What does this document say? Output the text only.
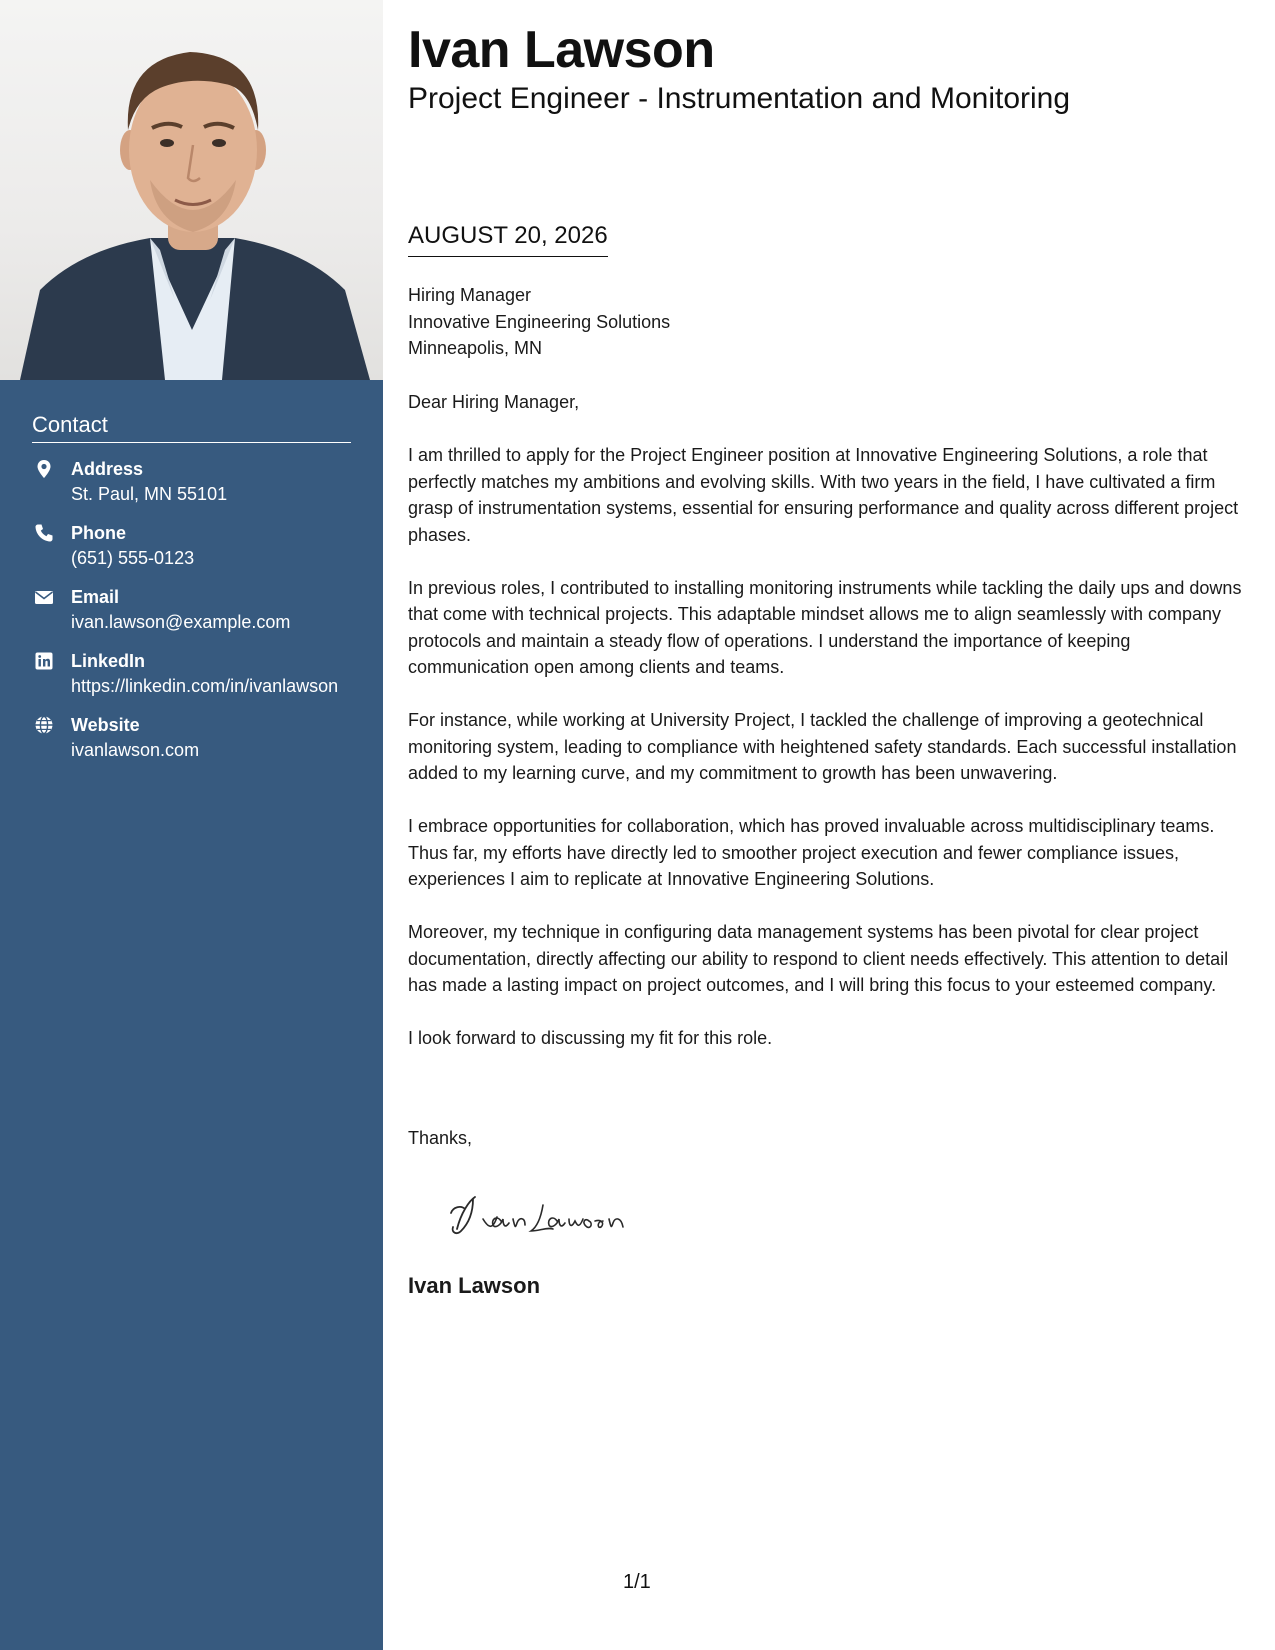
Contact
Address
St. Paul, MN 55101
Phone
(651) 555-0123
Email
ivan.lawson@example.com
LinkedIn
https://linkedin.com/in/ivanlawson
Website
ivanlawson.com
Ivan Lawson
Project Engineer - Instrumentation and Monitoring
AUGUST 20, 2026
Hiring Manager
Innovative Engineering Solutions
Minneapolis, MN

Dear Hiring Manager,

I am thrilled to apply for the Project Engineer position at Innovative Engineering Solutions, a role that perfectly matches my ambitions and evolving skills. With two years in the field, I have cultivated a firm grasp of instrumentation systems, essential for ensuring performance and quality across different project phases.

In previous roles, I contributed to installing monitoring instruments while tackling the daily ups and downs that come with technical projects. This adaptable mindset allows me to align seamlessly with company protocols and maintain a steady flow of operations. I understand the importance of keeping communication open among clients and teams.

For instance, while working at University Project, I tackled the challenge of improving a geotechnical monitoring system, leading to compliance with heightened safety standards. Each successful installation added to my learning curve, and my commitment to growth has been unwavering.

I embrace opportunities for collaboration, which has proved invaluable across multidisciplinary teams. Thus far, my efforts have directly led to smoother project execution and fewer compliance issues, experiences I aim to replicate at Innovative Engineering Solutions.

Moreover, my technique in configuring data management systems has been pivotal for clear project documentation, directly affecting our ability to respond to client needs effectively. This attention to detail has made a lasting impact on project outcomes, and I will bring this focus to your esteemed company.

I look forward to discussing my fit for this role.

Thanks,
Ivan Lawson
1/1
